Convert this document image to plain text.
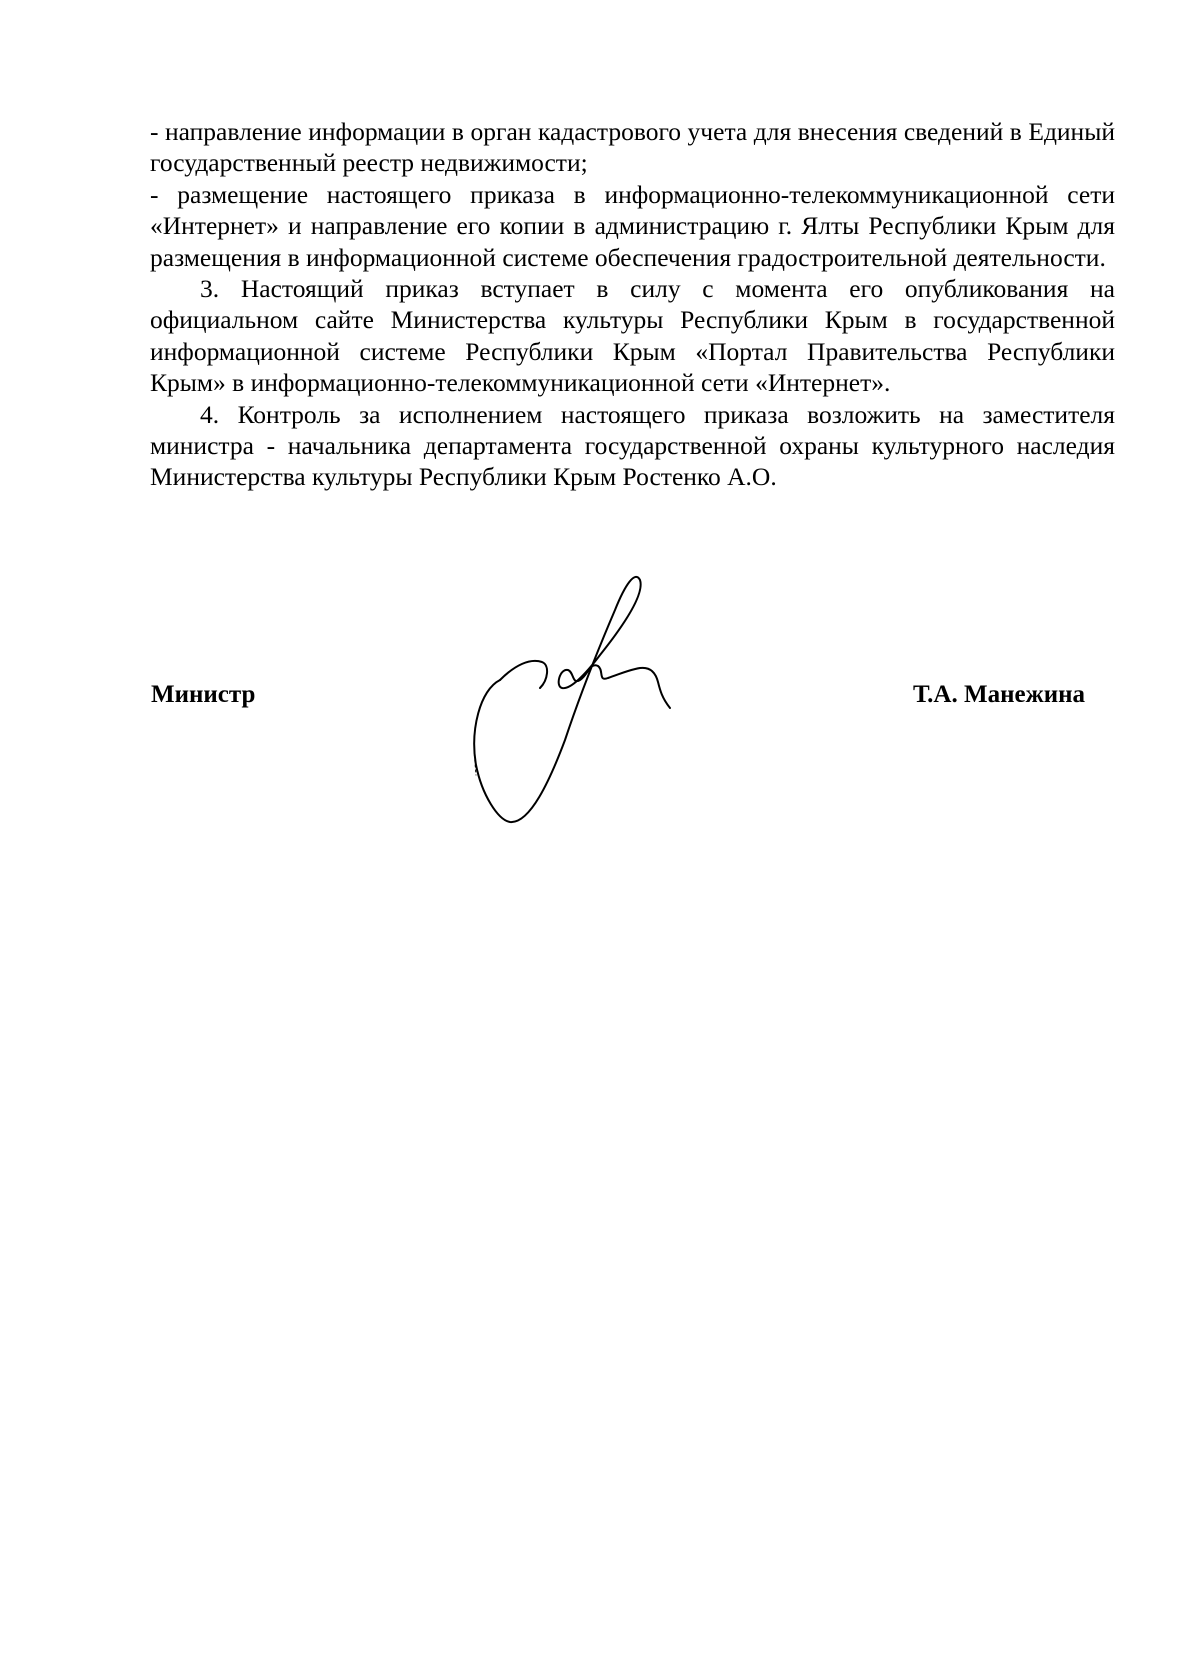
- направление информации в орган кадастрового учета для внесения сведений в Единый государственный реестр недвижимости;

- размещение настоящего приказа в информационно-телекоммуникационной сети «Интернет» и направление его копии в администрацию г. Ялты Республики Крым для размещения в информационной системе обеспечения градостроительной деятельности.

3. Настоящий приказ вступает в силу с момента его опубликования на официальном сайте Министерства культуры Республики Крым в государственной информационной системе Республики Крым «Портал Правительства Республики Крым» в информационно-телекоммуникационной сети «Интернет».

4. Контроль за исполнением настоящего приказа возложить на заместителя министра - начальника департамента государственной охраны культурного наследия Министерства культуры Республики Крым Ростенко А.О.

Министр	Т.А. Манежина
